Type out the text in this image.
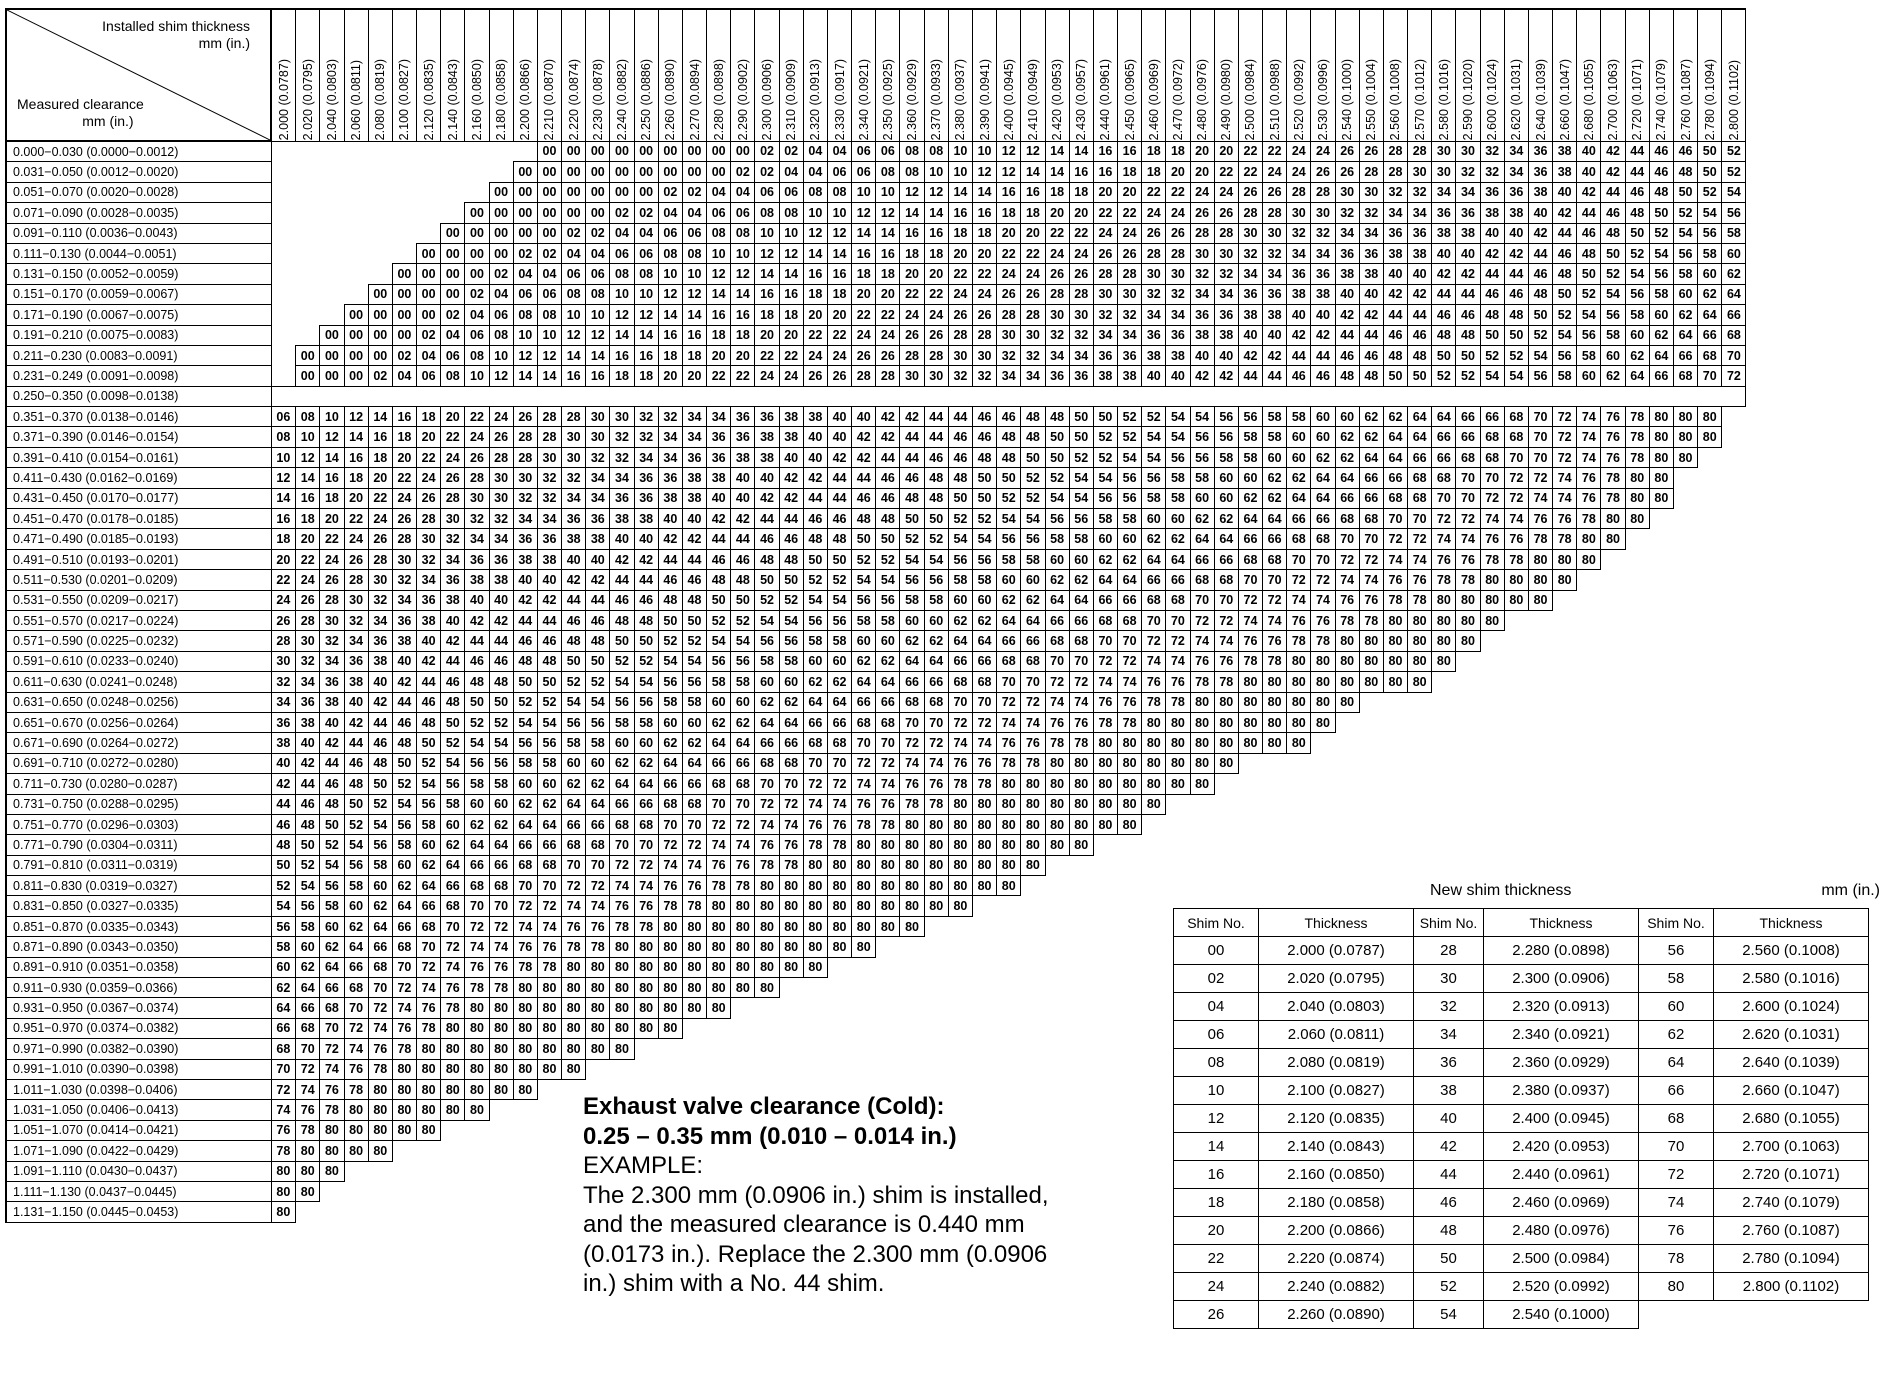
Installed shim thickness
mm (in.)
Measured clearance
mm (in.)	2.000 (0.0787)	2.020 (0.0795)	2.040 (0.0803)	2.060 (0.0811)	2.080 (0.0819)	2.100 (0.0827)	2.120 (0.0835)	2.140 (0.0843)	2.160 (0.0850)	2.180 (0.0858)	2.200 (0.0866)	2.210 (0.0870)	2.220 (0.0874)	2.230 (0.0878)	2.240 (0.0882)	2.250 (0.0886)	2.260 (0.0890)	2.270 (0.0894)	2.280 (0.0898)	2.290 (0.0902)	2.300 (0.0906)	2.310 (0.0909)	2.320 (0.0913)	2.330 (0.0917)	2.340 (0.0921)	2.350 (0.0925)	2.360 (0.0929)	2.370 (0.0933)	2.380 (0.0937)	2.390 (0.0941)	2.400 (0.0945)	2.410 (0.0949)	2.420 (0.0953)	2.430 (0.0957)	2.440 (0.0961)	2.450 (0.0965)	2.460 (0.0969)	2.470 (0.0972)	2.480 (0.0976)	2.490 (0.0980)	2.500 (0.0984)	2.510 (0.0988)	2.520 (0.0992)	2.530 (0.0996)	2.540 (0.1000)	2.550 (0.1004)	2.560 (0.1008)	2.570 (0.1012)	2.580 (0.1016)	2.590 (0.1020)	2.600 (0.1024)	2.620 (0.1031)	2.640 (0.1039)	2.660 (0.1047)	2.680 (0.1055)	2.700 (0.1063)	2.720 (0.1071)	2.740 (0.1079)	2.760 (0.1087)	2.780 (0.1094)	2.800 (0.1102)

0.000−0.030 (0.0000−0.0012)												00	00	00	00	00	00	00	00	00	02	02	04	04	06	06	08	08	10	10	12	12	14	14	16	16	18	18	20	20	22	22	24	24	26	26	28	28	30	30	32	34	36	38	40	42	44	46	46	50	52
0.031−0.050 (0.0012−0.0020)											00	00	00	00	00	00	00	00	00	02	02	04	04	06	06	08	08	10	10	12	12	14	14	16	16	18	18	20	20	22	22	24	24	26	26	28	28	30	30	32	32	34	36	38	40	42	44	46	48	50	52
0.051−0.070 (0.0020−0.0028)										00	00	00	00	00	00	00	02	02	04	04	06	06	08	08	10	10	12	12	14	14	16	16	18	18	20	20	22	22	24	24	26	26	28	28	30	30	32	32	34	34	36	36	38	40	42	44	46	48	50	52	54
0.071−0.090 (0.0028−0.0035)									00	00	00	00	00	00	02	02	04	04	06	06	08	08	10	10	12	12	14	14	16	16	18	18	20	20	22	22	24	24	26	26	28	28	30	30	32	32	34	34	36	36	38	38	40	42	44	46	48	50	52	54	56
0.091−0.110 (0.0036−0.0043)								00	00	00	00	00	02	02	04	04	06	06	08	08	10	10	12	12	14	14	16	16	18	18	20	20	22	22	24	24	26	26	28	28	30	30	32	32	34	34	36	36	38	38	40	40	42	44	46	48	50	52	54	56	58
0.111−0.130 (0.0044−0.0051)							00	00	00	00	02	02	04	04	06	06	08	08	10	10	12	12	14	14	16	16	18	18	20	20	22	22	24	24	26	26	28	28	30	30	32	32	34	34	36	36	38	38	40	40	42	42	44	46	48	50	52	54	56	58	60
0.131−0.150 (0.0052−0.0059)						00	00	00	00	02	04	04	06	06	08	08	10	10	12	12	14	14	16	16	18	18	20	20	22	22	24	24	26	26	28	28	30	30	32	32	34	34	36	36	38	38	40	40	42	42	44	44	46	48	50	52	54	56	58	60	62
0.151−0.170 (0.0059−0.0067)					00	00	00	00	02	04	06	06	08	08	10	10	12	12	14	14	16	16	18	18	20	20	22	22	24	24	26	26	28	28	30	30	32	32	34	34	36	36	38	38	40	40	42	42	44	44	46	46	48	50	52	54	56	58	60	62	64
0.171−0.190 (0.0067−0.0075)				00	00	00	00	02	04	06	08	08	10	10	12	12	14	14	16	16	18	18	20	20	22	22	24	24	26	26	28	28	30	30	32	32	34	34	36	36	38	38	40	40	42	42	44	44	46	46	48	48	50	52	54	56	58	60	62	64	66
0.191−0.210 (0.0075−0.0083)			00	00	00	00	02	04	06	08	10	10	12	12	14	14	16	16	18	18	20	20	22	22	24	24	26	26	28	28	30	30	32	32	34	34	36	36	38	38	40	40	42	42	44	44	46	46	48	48	50	50	52	54	56	58	60	62	64	66	68
0.211−0.230 (0.0083−0.0091)		00	00	00	00	02	04	06	08	10	12	12	14	14	16	16	18	18	20	20	22	22	24	24	26	26	28	28	30	30	32	32	34	34	36	36	38	38	40	40	42	42	44	44	46	46	48	48	50	50	52	52	54	56	58	60	62	64	66	68	70
0.231−0.249 (0.0091−0.0098)		00	00	00	02	04	06	08	10	12	14	14	16	16	18	18	20	20	22	22	24	24	26	26	28	28	30	30	32	32	34	34	36	36	38	38	40	40	42	42	44	44	46	46	48	48	50	50	52	52	54	54	56	58	60	62	64	66	68	70	72
0.250−0.350 (0.0098−0.0138)																																																													
0.351−0.370 (0.0138−0.0146)	06	08	10	12	14	16	18	20	22	24	26	28	28	30	30	32	32	34	34	36	36	38	38	40	40	42	42	44	44	46	46	48	48	50	50	52	52	54	54	56	56	58	58	60	60	62	62	64	64	66	66	68	70	72	74	76	78	80	80	80	
0.371−0.390 (0.0146−0.0154)	08	10	12	14	16	18	20	22	24	26	28	28	30	30	32	32	34	34	36	36	38	38	40	40	42	42	44	44	46	46	48	48	50	50	52	52	54	54	56	56	58	58	60	60	62	62	64	64	66	66	68	68	70	72	74	76	78	80	80	80	
0.391−0.410 (0.0154−0.0161)	10	12	14	16	18	20	22	24	26	28	28	30	30	32	32	34	34	36	36	38	38	40	40	42	42	44	44	46	46	48	48	50	50	52	52	54	54	56	56	58	58	60	60	62	62	64	64	66	66	68	68	70	70	72	74	76	78	80	80		
0.411−0.430 (0.0162−0.0169)	12	14	16	18	20	22	24	26	28	30	30	32	32	34	34	36	36	38	38	40	40	42	42	44	44	46	46	48	48	50	50	52	52	54	54	56	56	58	58	60	60	62	62	64	64	66	66	68	68	70	70	72	72	74	76	78	80	80			
0.431−0.450 (0.0170−0.0177)	14	16	18	20	22	24	26	28	30	30	32	32	34	34	36	36	38	38	40	40	42	42	44	44	46	46	48	48	50	50	52	52	54	54	56	56	58	58	60	60	62	62	64	64	66	66	68	68	70	70	72	72	74	74	76	78	80	80			
0.451−0.470 (0.0178−0.0185)	16	18	20	22	24	26	28	30	32	32	34	34	36	36	38	38	40	40	42	42	44	44	46	46	48	48	50	50	52	52	54	54	56	56	58	58	60	60	62	62	64	64	66	66	68	68	70	70	72	72	74	74	76	76	78	80	80				
0.471−0.490 (0.0185−0.0193)	18	20	22	24	26	28	30	32	34	34	36	36	38	38	40	40	42	42	44	44	46	46	48	48	50	50	52	52	54	54	56	56	58	58	60	60	62	62	64	64	66	66	68	68	70	70	72	72	74	74	76	76	78	78	80	80					
0.491−0.510 (0.0193−0.0201)	20	22	24	26	28	30	32	34	36	36	38	38	40	40	42	42	44	44	46	46	48	48	50	50	52	52	54	54	56	56	58	58	60	60	62	62	64	64	66	66	68	68	70	70	72	72	74	74	76	76	78	78	80	80	80						
0.511−0.530 (0.0201−0.0209)	22	24	26	28	30	32	34	36	38	38	40	40	42	42	44	44	46	46	48	48	50	50	52	52	54	54	56	56	58	58	60	60	62	62	64	64	66	66	68	68	70	70	72	72	74	74	76	76	78	78	80	80	80	80							
0.531−0.550 (0.0209−0.0217)	24	26	28	30	32	34	36	38	40	40	42	42	44	44	46	46	48	48	50	50	52	52	54	54	56	56	58	58	60	60	62	62	64	64	66	66	68	68	70	70	72	72	74	74	76	76	78	78	80	80	80	80	80								
0.551−0.570 (0.0217−0.0224)	26	28	30	32	34	36	38	40	42	42	44	44	46	46	48	48	50	50	52	52	54	54	56	56	58	58	60	60	62	62	64	64	66	66	68	68	70	70	72	72	74	74	76	76	78	78	80	80	80	80	80										
0.571−0.590 (0.0225−0.0232)	28	30	32	34	36	38	40	42	44	44	46	46	48	48	50	50	52	52	54	54	56	56	58	58	60	60	62	62	64	64	66	66	68	68	70	70	72	72	74	74	76	76	78	78	80	80	80	80	80	80											
0.591−0.610 (0.0233−0.0240)	30	32	34	36	38	40	42	44	46	46	48	48	50	50	52	52	54	54	56	56	58	58	60	60	62	62	64	64	66	66	68	68	70	70	72	72	74	74	76	76	78	78	80	80	80	80	80	80	80												
0.611−0.630 (0.0241−0.0248)	32	34	36	38	40	42	44	46	48	48	50	50	52	52	54	54	56	56	58	58	60	60	62	62	64	64	66	66	68	68	70	70	72	72	74	74	76	76	78	78	80	80	80	80	80	80	80	80													
0.631−0.650 (0.0248−0.0256)	34	36	38	40	42	44	46	48	50	50	52	52	54	54	56	56	58	58	60	60	62	62	64	64	66	66	68	68	70	70	72	72	74	74	76	76	78	78	80	80	80	80	80	80	80																
0.651−0.670 (0.0256−0.0264)	36	38	40	42	44	46	48	50	52	52	54	54	56	56	58	58	60	60	62	62	64	64	66	66	68	68	70	70	72	72	74	74	76	76	78	78	80	80	80	80	80	80	80	80																	
0.671−0.690 (0.0264−0.0272)	38	40	42	44	46	48	50	52	54	54	56	56	58	58	60	60	62	62	64	64	66	66	68	68	70	70	72	72	74	74	76	76	78	78	80	80	80	80	80	80	80	80	80																		
0.691−0.710 (0.0272−0.0280)	40	42	44	46	48	50	52	54	56	56	58	58	60	60	62	62	64	64	66	66	68	68	70	70	72	72	74	74	76	76	78	78	80	80	80	80	80	80	80	80																					
0.711−0.730 (0.0280−0.0287)	42	44	46	48	50	52	54	56	58	58	60	60	62	62	64	64	66	66	68	68	70	70	72	72	74	74	76	76	78	78	80	80	80	80	80	80	80	80	80																						
0.731−0.750 (0.0288−0.0295)	44	46	48	50	52	54	56	58	60	60	62	62	64	64	66	66	68	68	70	70	72	72	74	74	76	76	78	78	80	80	80	80	80	80	80	80	80																								
0.751−0.770 (0.0296−0.0303)	46	48	50	52	54	56	58	60	62	62	64	64	66	66	68	68	70	70	72	72	74	74	76	76	78	78	80	80	80	80	80	80	80	80	80	80																									
0.771−0.790 (0.0304−0.0311)	48	50	52	54	56	58	60	62	64	64	66	66	68	68	70	70	72	72	74	74	76	76	78	78	80	80	80	80	80	80	80	80	80	80																											
0.791−0.810 (0.0311−0.0319)	50	52	54	56	58	60	62	64	66	66	68	68	70	70	72	72	74	74	76	76	78	78	80	80	80	80	80	80	80	80	80	80																													
0.811−0.830 (0.0319−0.0327)	52	54	56	58	60	62	64	66	68	68	70	70	72	72	74	74	76	76	78	78	80	80	80	80	80	80	80	80	80	80	80																														
0.831−0.850 (0.0327−0.0335)	54	56	58	60	62	64	66	68	70	70	72	72	74	74	76	76	78	78	80	80	80	80	80	80	80	80	80	80	80																																
0.851−0.870 (0.0335−0.0343)	56	58	60	62	64	66	68	70	72	72	74	74	76	76	78	78	80	80	80	80	80	80	80	80	80	80	80																																		
0.871−0.890 (0.0343−0.0350)	58	60	62	64	66	68	70	72	74	74	76	76	78	78	80	80	80	80	80	80	80	80	80	80	80																																				
0.891−0.910 (0.0351−0.0358)	60	62	64	66	68	70	72	74	76	76	78	78	80	80	80	80	80	80	80	80	80	80	80																																						
0.911−0.930 (0.0359−0.0366)	62	64	66	68	70	72	74	76	78	78	80	80	80	80	80	80	80	80	80	80	80																																								
0.931−0.950 (0.0367−0.0374)	64	66	68	70	72	74	76	78	80	80	80	80	80	80	80	80	80	80	80																																										
0.951−0.970 (0.0374−0.0382)	66	68	70	72	74	76	78	80	80	80	80	80	80	80	80	80	80																																												
0.971−0.990 (0.0382−0.0390)	68	70	72	74	76	78	80	80	80	80	80	80	80	80	80																																														
0.991−1.010 (0.0390−0.0398)	70	72	74	76	78	80	80	80	80	80	80	80	80																																																
1.011−1.030 (0.0398−0.0406)	72	74	76	78	80	80	80	80	80	80	80																																																		
1.031−1.050 (0.0406−0.0413)	74	76	78	80	80	80	80	80	80																																																				
1.051−1.070 (0.0414−0.0421)	76	78	80	80	80	80	80																																																						
1.071−1.090 (0.0422−0.0429)	78	80	80	80	80																																																								
1.091−1.110 (0.0430−0.0437)	80	80	80																																																										
1.111−1.130 (0.0437−0.0445)	80	80																																																											
1.131−1.150 (0.0445−0.0453)	80																																																												
Exhaust valve clearance (Cold):
0.25 – 0.35 mm (0.010 – 0.014 in.)
EXAMPLE:
The 2.300 mm (0.0906 in.) shim is installed,
and the measured clearance is 0.440 mm
(0.0173 in.). Replace the 2.300 mm (0.0906
in.) shim with a No. 44 shim.
New shim thickness	mm (in.)
Shim No.	Thickness	Shim No.	Thickness	Shim No.	Thickness
00	2.000 (0.0787)	28	2.280 (0.0898)	56	2.560 (0.1008)
02	2.020 (0.0795)	30	2.300 (0.0906)	58	2.580 (0.1016)
04	2.040 (0.0803)	32	2.320 (0.0913)	60	2.600 (0.1024)
06	2.060 (0.0811)	34	2.340 (0.0921)	62	2.620 (0.1031)
08	2.080 (0.0819)	36	2.360 (0.0929)	64	2.640 (0.1039)
10	2.100 (0.0827)	38	2.380 (0.0937)	66	2.660 (0.1047)
12	2.120 (0.0835)	40	2.400 (0.0945)	68	2.680 (0.1055)
14	2.140 (0.0843)	42	2.420 (0.0953)	70	2.700 (0.1063)
16	2.160 (0.0850)	44	2.440 (0.0961)	72	2.720 (0.1071)
18	2.180 (0.0858)	46	2.460 (0.0969)	74	2.740 (0.1079)
20	2.200 (0.0866)	48	2.480 (0.0976)	76	2.760 (0.1087)
22	2.220 (0.0874)	50	2.500 (0.0984)	78	2.780 (0.1094)
24	2.240 (0.0882)	52	2.520 (0.0992)	80	2.800 (0.1102)
26	2.260 (0.0890)	54	2.540 (0.1000)		
